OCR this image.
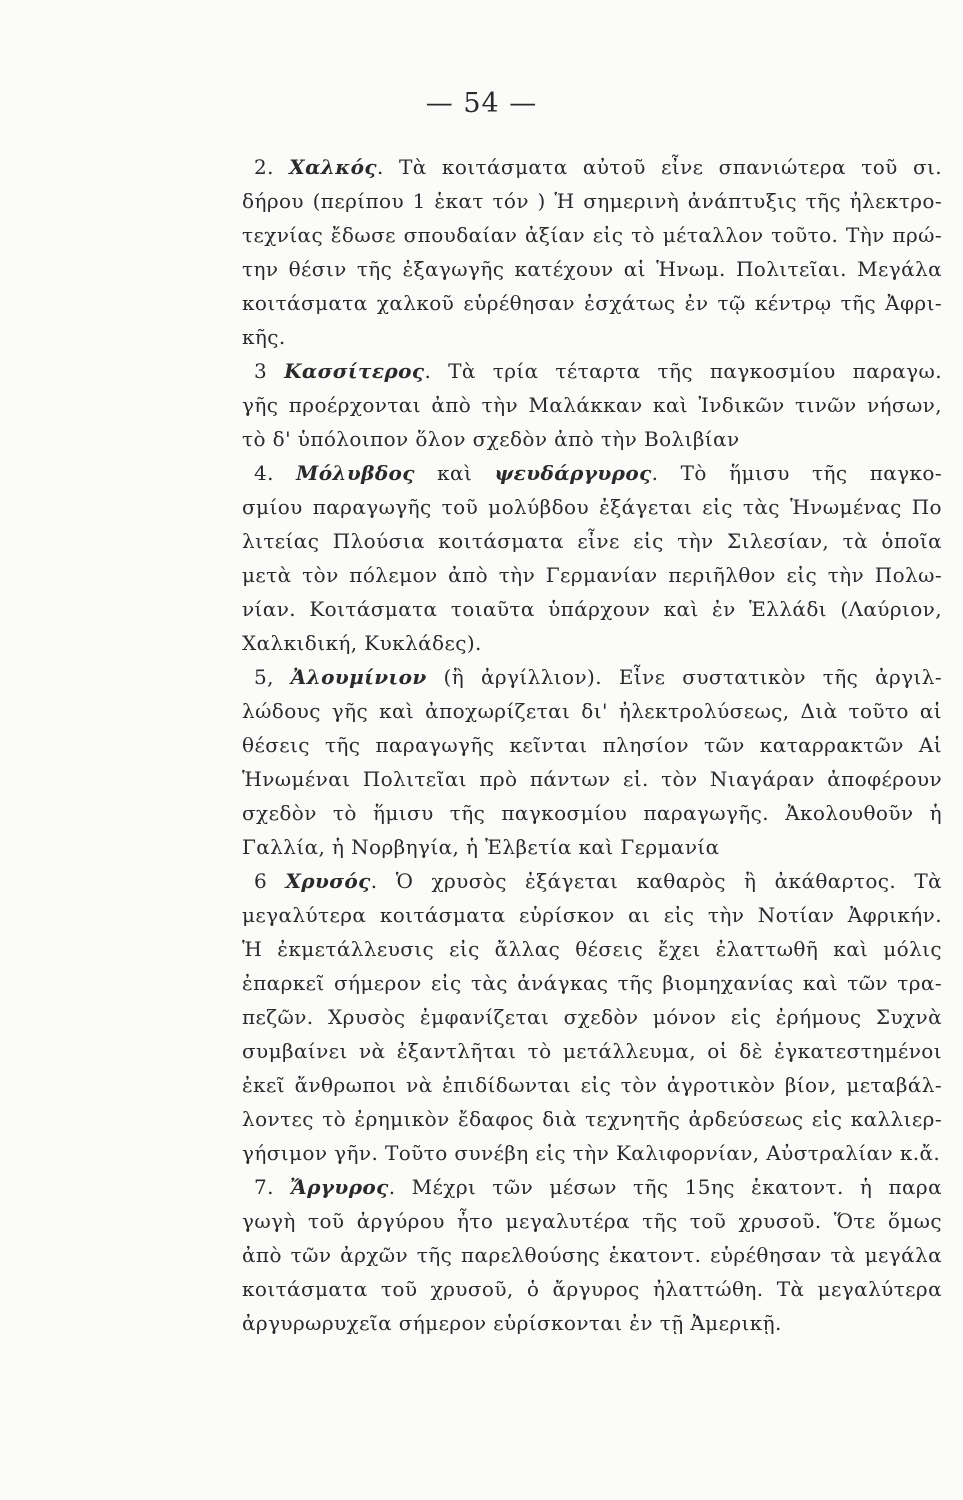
— 54 —
2. Χαλκός. Τὰ κοιτάσματα αὐτοῦ εἶνε σπανιώτερα τοῦ σι.
δήρου (περίπου 1 ἑκατ τόν ) Ἡ σημερινὴ ἀνάπτυξις τῆς ἠλεκτρο-
τεχνίας ἔδωσε σπουδαίαν ἀξίαν εἰς τὸ μέταλλον τοῦτο. Τὴν πρώ-
την θέσιν τῆς ἐξαγωγῆς κατέχουν αἱ Ἡνωμ. Πολιτεῖαι. Μεγάλα
κοιτάσματα χαλκοῦ εὑρέθησαν ἐσχάτως ἐν τῷ κέντρῳ τῆς Ἀφρι-
κῆς.
3 Κασσίτερος. Τὰ τρία τέταρτα τῆς παγκοσμίου παραγω.
γῆς προέρχονται ἀπὸ τὴν Μαλάκκαν καὶ Ἰνδικῶν τινῶν νήσων,
τὸ δ' ὑπόλοιπον ὅλον σχεδὸν ἀπὸ τὴν Βολιβίαν
4. Μόλυβδος καὶ ψευδάργυρος. Τὸ ἥμισυ τῆς παγκο-
σμίου παραγωγῆς τοῦ μολύβδου ἐξάγεται εἰς τὰς Ἡνωμένας Πο
λιτείας Πλούσια κοιτάσματα εἶνε εἰς τὴν Σιλεσίαν, τὰ ὁποῖα
μετὰ τὸν πόλεμον ἀπὸ τὴν Γερμανίαν περιῆλθον εἰς τὴν Πολω-
νίαν. Κοιτάσματα τοιαῦτα ὑπάρχουν καὶ ἐν Ἑλλάδι (Λαύριον,
Χαλκιδική, Κυκλάδες).
5, Ἀλουμίνιον (ἢ ἀργίλλιον). Εἶνε συστατικὸν τῆς ἀργιλ-
λώδους γῆς καὶ ἀποχωρίζεται δι' ἠλεκτρολύσεως, Διὰ τοῦτο αἱ
θέσεις τῆς παραγωγῆς κεῖνται πλησίον τῶν καταρρακτῶν Αἱ
Ἡνωμέναι Πολιτεῖαι πρὸ πάντων εἰ. τὸν Νιαγάραν ἀποφέρουν
σχεδὸν τὸ ἥμισυ τῆς παγκοσμίου παραγωγῆς. Ἀκολουθοῦν ἡ
Γαλλία, ἡ Νορβηγία, ἡ Ἑλβετία καὶ Γερμανία
6 Χρυσός. Ὁ χρυσὸς ἐξάγεται καθαρὸς ἢ ἀκάθαρτος. Τὰ
μεγαλύτερα κοιτάσματα εὑρίσκον αι εἰς τὴν Νοτίαν Ἀφρικήν.
Ἡ ἐκμετάλλευσις εἰς ἄλλας θέσεις ἔχει ἐλαττωθῆ καὶ μόλις
ἐπαρκεῖ σήμερον εἰς τὰς ἀνάγκας τῆς βιομηχανίας καὶ τῶν τρα-
πεζῶν. Χρυσὸς ἐμφανίζεται σχεδὸν μόνον εἰς ἐρήμους Συχνὰ
συμβαίνει νὰ ἐξαντλῆται τὸ μετάλλευμα, οἱ δὲ ἐγκατεστημένοι
ἐκεῖ ἄνθρωποι νὰ ἐπιδίδωνται εἰς τὸν ἀγροτικὸν βίον, μεταβάλ-
λοντες τὸ ἐρημικὸν ἔδαφος διὰ τεχνητῆς ἀρδεύσεως εἰς καλλιερ-
γήσιμον γῆν. Τοῦτο συνέβη εἰς τὴν Καλιφορνίαν, Αὐστραλίαν κ.ἄ.
7. Ἄργυρος. Μέχρι τῶν μέσων τῆς 15ης ἑκατοντ. ἡ παρα
γωγὴ τοῦ ἀργύρου ἦτο μεγαλυτέρα τῆς τοῦ χρυσοῦ. Ὅτε ὅμως
ἀπὸ τῶν ἀρχῶν τῆς παρελθούσης ἑκατοντ. εὑρέθησαν τὰ μεγάλα
κοιτάσματα τοῦ χρυσοῦ, ὁ ἄργυρος ἠλαττώθη. Τὰ μεγαλύτερα
ἀργυρωρυχεῖα σήμερον εὑρίσκονται ἐν τῇ Ἀμερικῇ.
